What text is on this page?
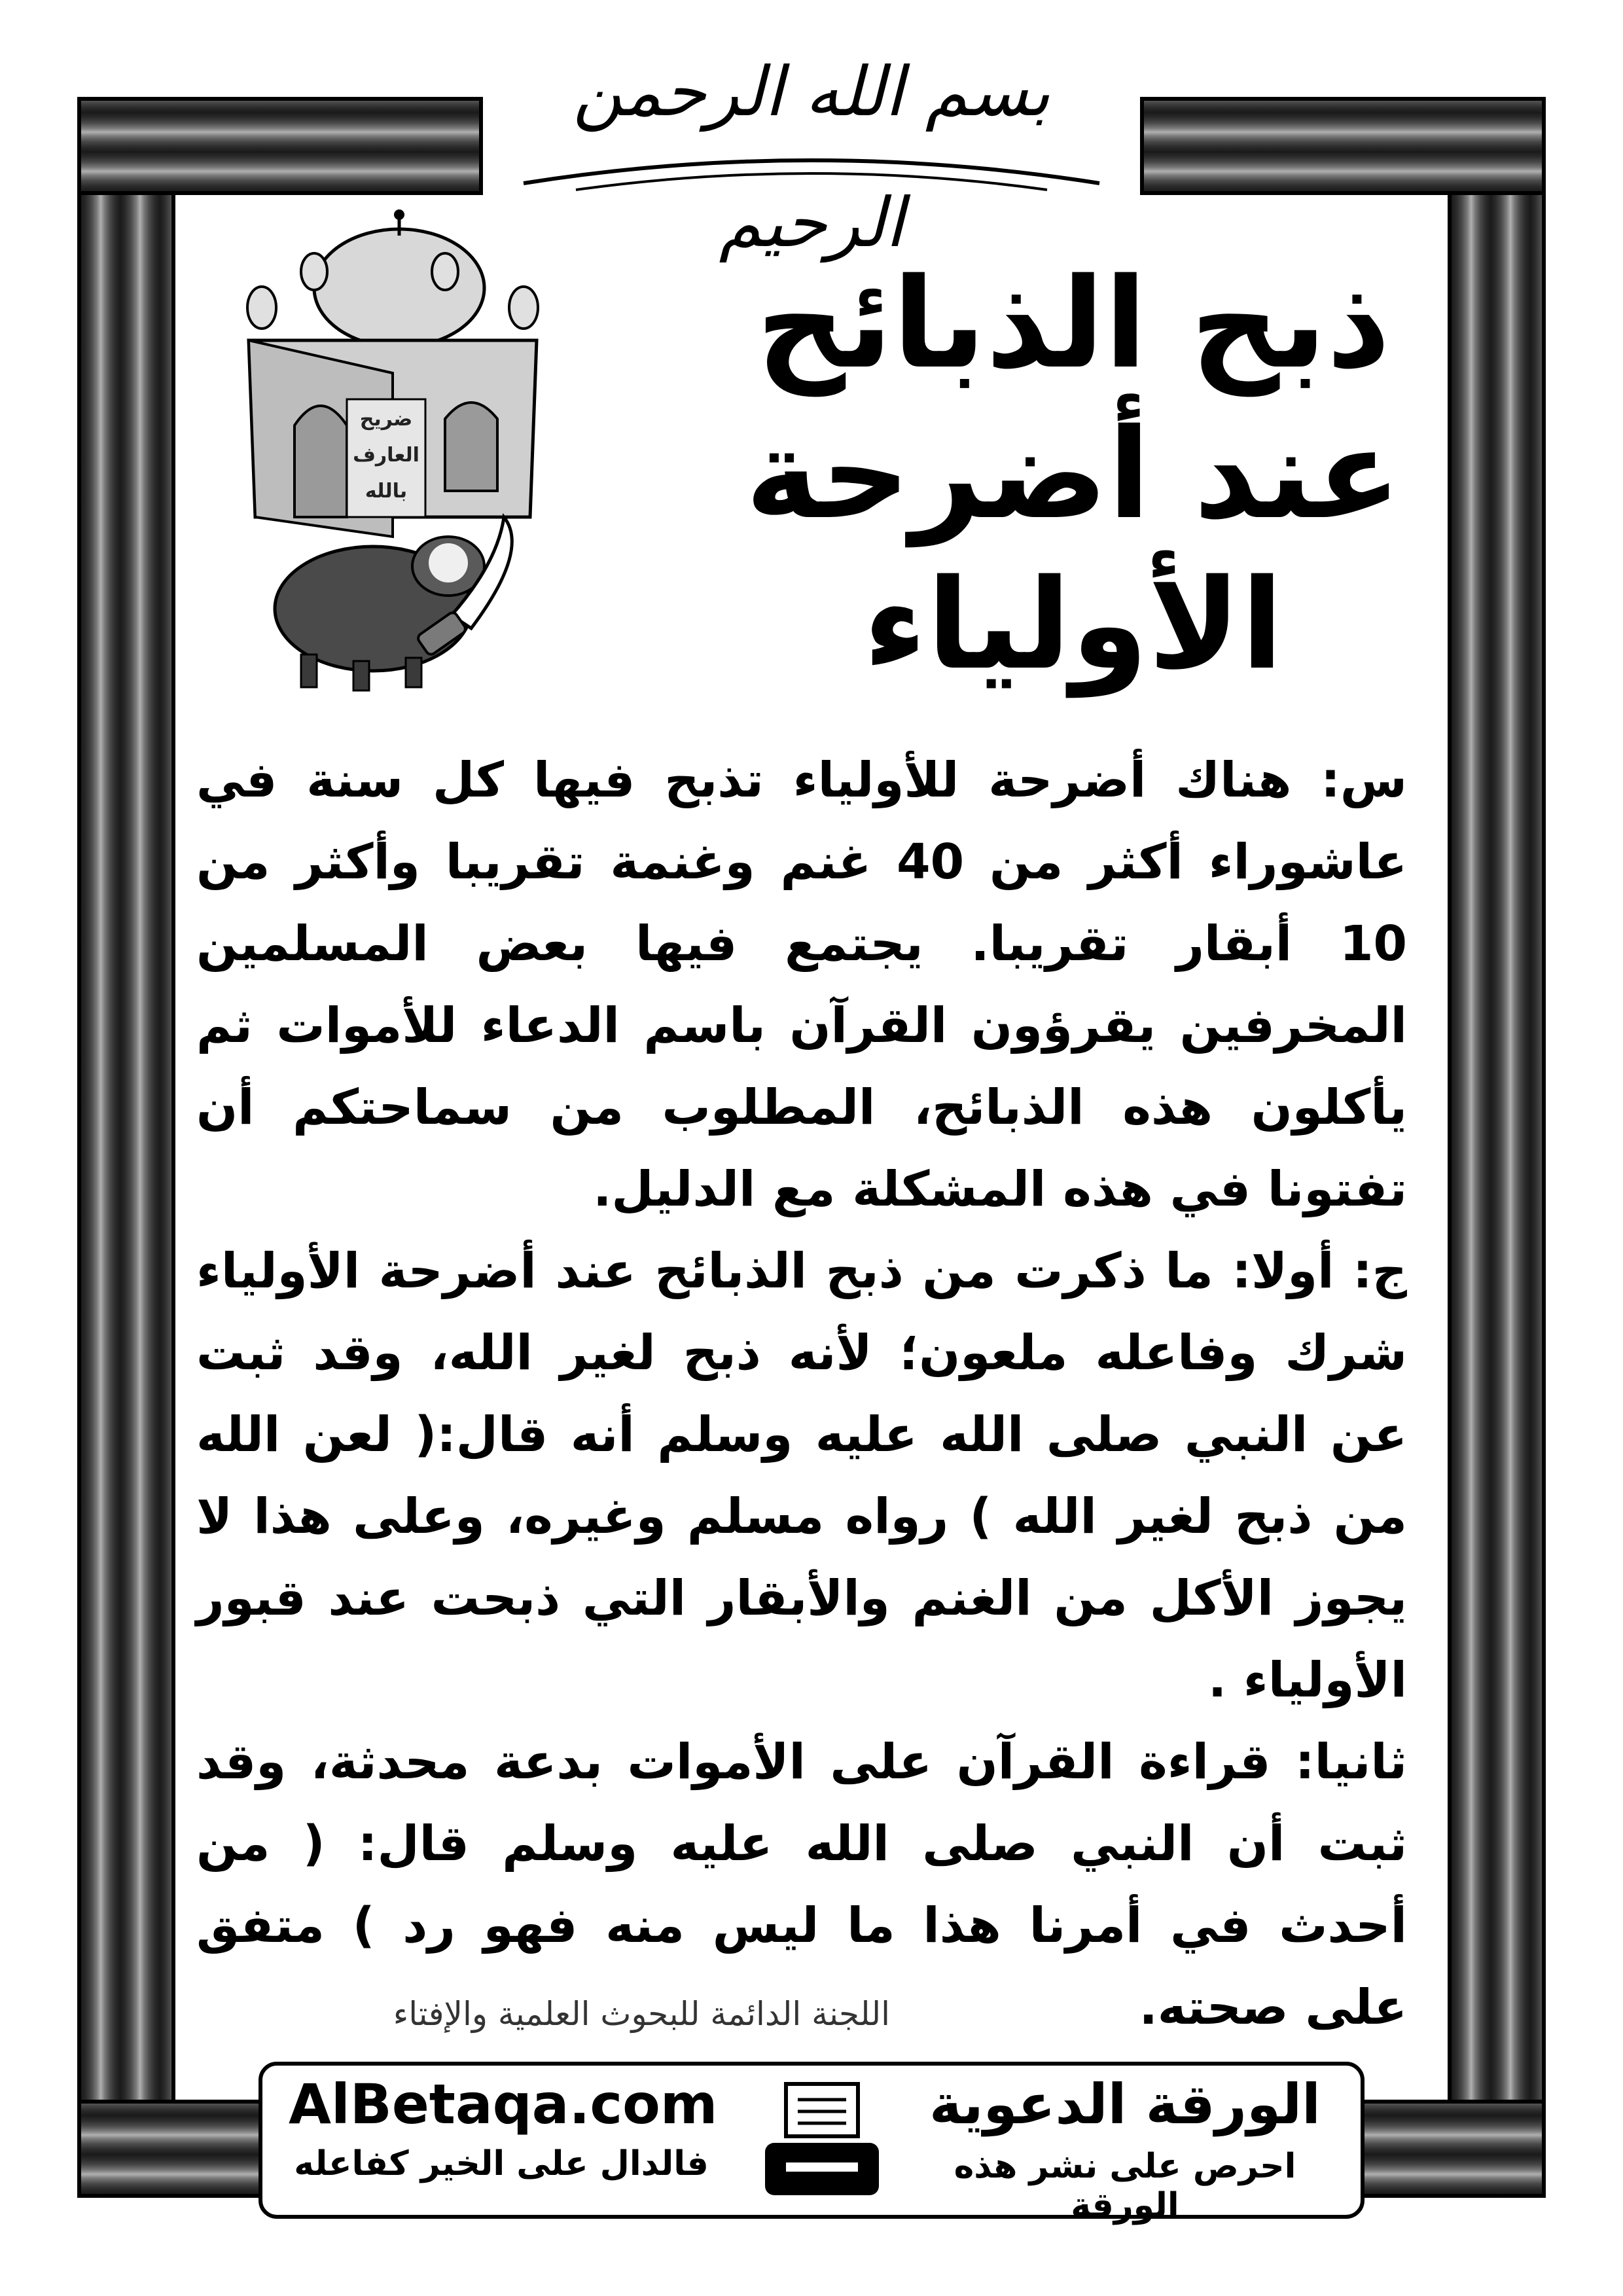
بسم الله الرحمن الرحيم
ضريح
العارف
بالله
ذبح الذبائح
عند أضرحة
الأولياء

س: هناك أضرحة للأولياء تذبح فيها كل سنة في عاشوراء أكثر من 40 غنم وغنمة تقريبا وأكثر من 10 أبقار تقريبا. يجتمع فيها بعض المسلمين المخرفين يقرؤون القرآن باسم الدعاء للأموات ثم يأكلون هذه الذبائح، المطلوب من سماحتكم أن تفتونا في هذه المشكلة مع الدليل.

ج: أولا: ما ذكرت من ذبح الذبائح عند أضرحة الأولياء شرك وفاعله ملعون؛ لأنه ذبح لغير الله، وقد ثبت عن النبي صلى الله عليه وسلم أنه قال:( لعن الله من ذبح لغير الله ) رواه مسلم وغيره، وعلى هذا لا يجوز الأكل من الغنم والأبقار التي ذبحت عند قبور الأولياء .

ثانيا: قراءة القرآن على الأموات بدعة محدثة، وقد ثبت أن النبي صلى الله عليه وسلم قال: ( من أحدث في أمرنا هذا ما ليس منه فهو رد ) متفق على صحته.

اللجنة الدائمة للبحوث العلمية والإفتاء
AlBetaqa.com
فالدال على الخير كفاعله
الورقة الدعوية
احرص على نشر هذه الورقة
